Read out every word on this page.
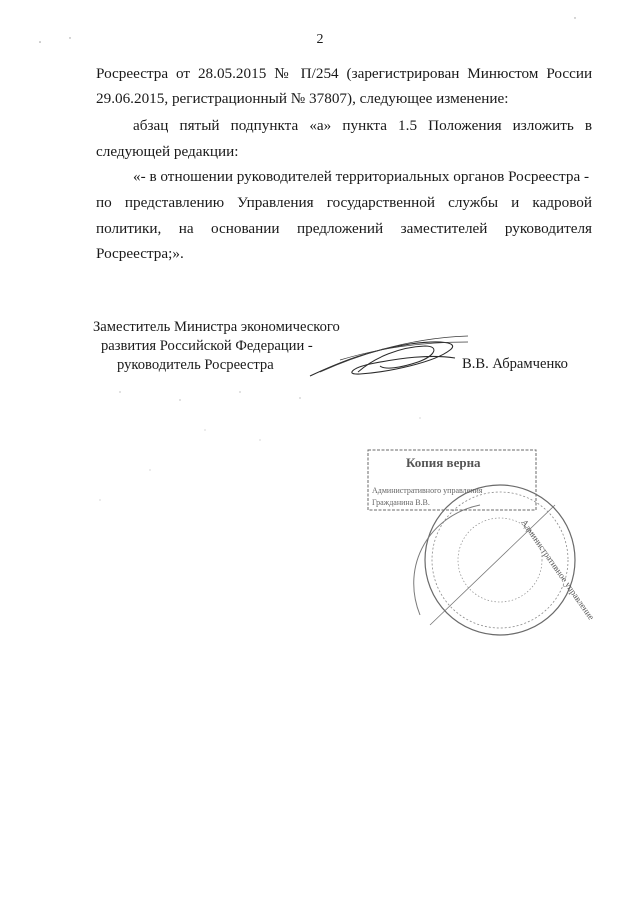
2
Росреестра от 28.05.2015 № П/254 (зарегистрирован Минюстом России
29.06.2015, регистрационный № 37807), следующее изменение:
абзац пятый подпункта «а» пункта 1.5 Положения изложить в
следующей редакции:
«- в отношении руководителей территориальных органов Росреестра -
по представлению Управления государственной службы и кадровой
политики, на основании предложений заместителей руководителя
Росреестра;».
Заместитель Министра экономического
развития Российской Федерации -
руководитель Росреестра	В.В. Абрамченко
Копия верна
Административного управления
Гражданина В.В.
Административное управление
